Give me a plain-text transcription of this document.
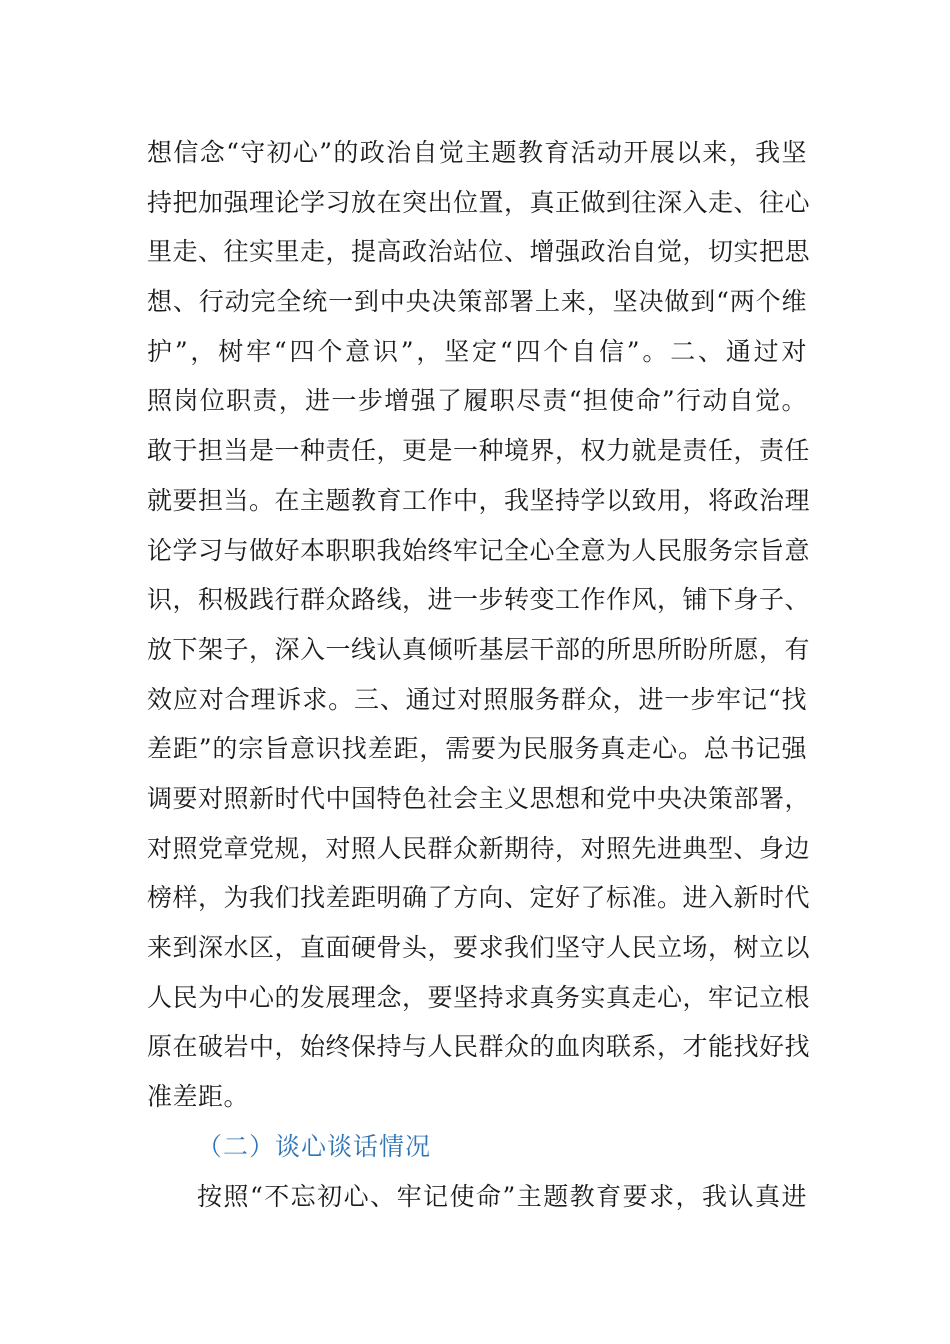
想信念“守初心”的政治自觉主题教育活动开展以来，我坚
持把加强理论学习放在突出位置，真正做到往深入走、往心
里走、往实里走，提高政治站位、增强政治自觉，切实把思
想、行动完全统一到中央决策部署上来，坚决做到“两个维
护”，树牢“四个意识”，坚定“四个自信”。二、通过对
照岗位职责，进一步增强了履职尽责“担使命”行动自觉。
敢于担当是一种责任，更是一种境界，权力就是责任，责任
就要担当。在主题教育工作中，我坚持学以致用，将政治理
论学习与做好本职职我始终牢记全心全意为人民服务宗旨意
识，积极践行群众路线，进一步转变工作作风，铺下身子、
放下架子，深入一线认真倾听基层干部的所思所盼所愿，有
效应对合理诉求。三、通过对照服务群众，进一步牢记“找
差距”的宗旨意识找差距，需要为民服务真走心。总书记强
调要对照新时代中国特色社会主义思想和党中央决策部署，
对照党章党规，对照人民群众新期待，对照先进典型、身边
榜样，为我们找差距明确了方向、定好了标准。进入新时代
来到深水区，直面硬骨头，要求我们坚守人民立场，树立以
人民为中心的发展理念，要坚持求真务实真走心，牢记立根
原在破岩中，始终保持与人民群众的血肉联系，才能找好找
准差距。
（二）谈心谈话情况
按照“不忘初心、牢记使命”主题教育要求，我认真进
